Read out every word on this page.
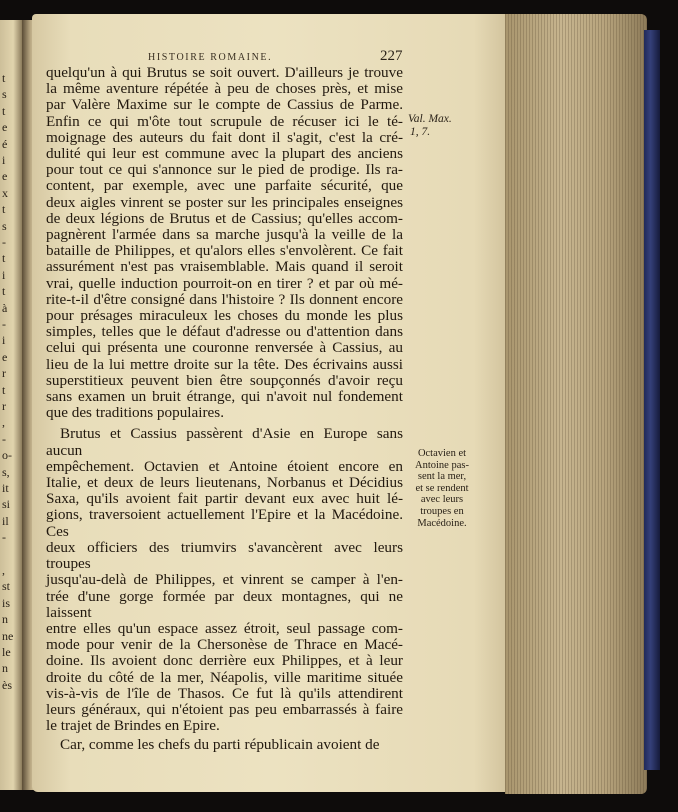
t
s
t
e
é
i
e
x
t
s
-
t
i
t
à
-
i
e
r
t
r
,
-
o-
s,
it
si
il
-
,
st
is
n
ne
le
n
ès
HISTOIRE ROMAINE.	227
Val. Max.
1, 7.
Octavien et
Antoine pas-
sent la mer,
et se rendent
avec leurs
troupes en
Macédoine.

quelqu'un à qui Brutus se soit ouvert. D'ailleurs je trouve

la même aventure répétée à peu de choses près, et mise

par Valère Maxime sur le compte de Cassius de Parme.

Enfin ce qui m'ôte tout scrupule de récuser ici le té-

moignage des auteurs du fait dont il s'agit, c'est la cré-

dulité qui leur est commune avec la plupart des anciens

pour tout ce qui s'annonce sur le pied de prodige. Ils ra-

content, par exemple, avec une parfaite sécurité, que

deux aigles vinrent se poster sur les principales enseignes

de deux légions de Brutus et de Cassius; qu'elles accom-

pagnèrent l'armée dans sa marche jusqu'à la veille de la

bataille de Philippes, et qu'alors elles s'envolèrent. Ce fait

assurément n'est pas vraisemblable. Mais quand il seroit

vrai, quelle induction pourroit-on en tirer ? et par où mé-

rite-t-il d'être consigné dans l'histoire ? Ils donnent encore

pour présages miraculeux les choses du monde les plus

simples, telles que le défaut d'adresse ou d'attention dans

celui qui présenta une couronne renversée à Cassius, au

lieu de la lui mettre droite sur la tête. Des écrivains aussi

superstitieux peuvent bien être soupçonnés d'avoir reçu

sans examen un bruit étrange, qui n'avoit nul fondement

que des traditions populaires.

Brutus et Cassius passèrent d'Asie en Europe sans aucun

empêchement. Octavien et Antoine étoient encore en

Italie, et deux de leurs lieutenans, Norbanus et Décidius

Saxa, qu'ils avoient fait partir devant eux avec huit lé-

gions, traversoient actuellement l'Epire et la Macédoine. Ces

deux officiers des triumvirs s'avancèrent avec leurs troupes

jusqu'au-delà de Philippes, et vinrent se camper à l'en-

trée d'une gorge formée par deux montagnes, qui ne laissent

entre elles qu'un espace assez étroit, seul passage com-

mode pour venir de la Chersonèse de Thrace en Macé-

doine. Ils avoient donc derrière eux Philippes, et à leur

droite du côté de la mer, Néapolis, ville maritime située

vis-à-vis de l'île de Thasos. Ce fut là qu'ils attendirent

leurs généraux, qui n'étoient pas peu embarrassés à faire

le trajet de Brindes en Epire.

Car, comme les chefs du parti républicain avoient de
